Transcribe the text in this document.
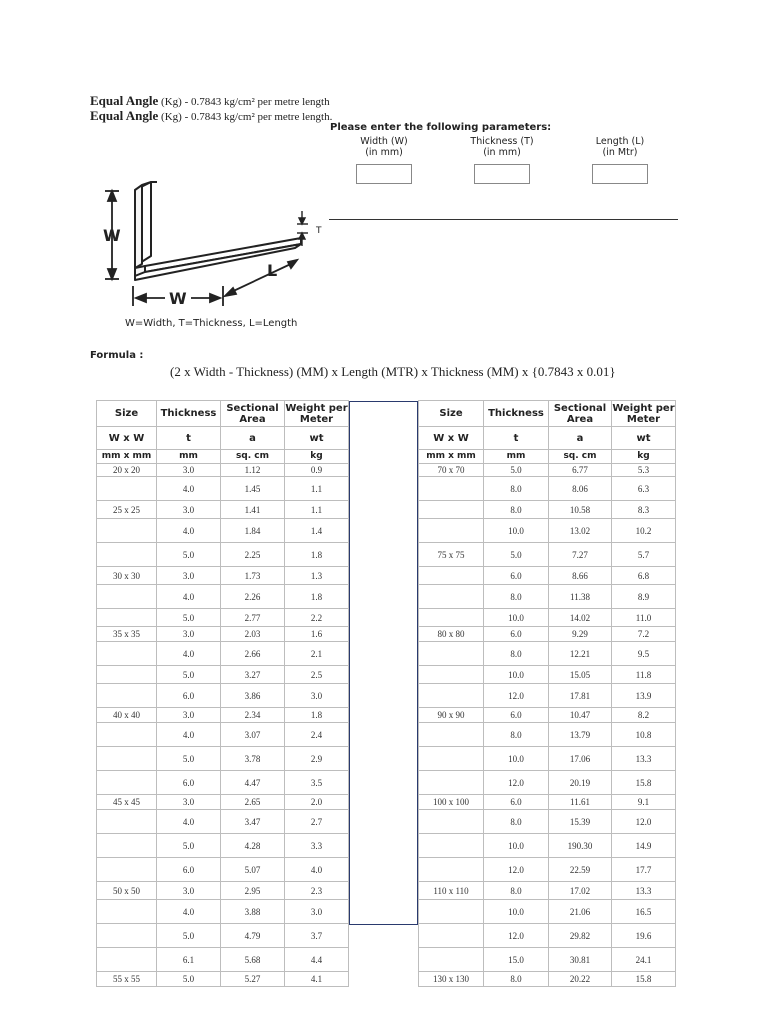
Equal Angle (Kg) - 0.7843 kg/cm² per metre length
Equal Angle (Kg) - 0.7843 kg/cm² per metre length.
Please enter the following parameters:
Width (W)
(in mm)
Thickness (T)
(in mm)
Length (L)
(in Mtr)
W
W
L
T
W=Width, T=Thickness, L=Length
Formula :
(2 x Width - Thickness) (MM) x Length (MTR) x Thickness (MM) x {0.7843 x 0.01}
Size	Thickness	Sectional Area	Weight per Meter
W x W	t	a	wt
mm x mm	mm	sq. cm	kg
20 x 20	3.0	1.12	0.9
	4.0	1.45	1.1
25 x 25	3.0	1.41	1.1
	4.0	1.84	1.4
	5.0	2.25	1.8
30 x 30	3.0	1.73	1.3
	4.0	2.26	1.8
	5.0	2.77	2.2
35 x 35	3.0	2.03	1.6
	4.0	2.66	2.1
	5.0	3.27	2.5
	6.0	3.86	3.0
40 x 40	3.0	2.34	1.8
	4.0	3.07	2.4
	5.0	3.78	2.9
	6.0	4.47	3.5
45 x 45	3.0	2.65	2.0
	4.0	3.47	2.7
	5.0	4.28	3.3
	6.0	5.07	4.0
50 x 50	3.0	2.95	2.3
	4.0	3.88	3.0
	5.0	4.79	3.7
	6.1	5.68	4.4
55 x 55	5.0	5.27	4.1
Size	Thickness	Sectional Area	Weight per Meter
W x W	t	a	wt
mm x mm	mm	sq. cm	kg
70 x 70	5.0	6.77	5.3
	8.0	8.06	6.3
	8.0	10.58	8.3
	10.0	13.02	10.2
75 x 75	5.0	7.27	5.7
	6.0	8.66	6.8
	8.0	11.38	8.9
	10.0	14.02	11.0
80 x 80	6.0	9.29	7.2
	8.0	12.21	9.5
	10.0	15.05	11.8
	12.0	17.81	13.9
90 x 90	6.0	10.47	8.2
	8.0	13.79	10.8
	10.0	17.06	13.3
	12.0	20.19	15.8
100 x 100	6.0	11.61	9.1
	8.0	15.39	12.0
	10.0	190.30	14.9
	12.0	22.59	17.7
110 x 110	8.0	17.02	13.3
	10.0	21.06	16.5
	12.0	29.82	19.6
	15.0	30.81	24.1
130 x 130	8.0	20.22	15.8
